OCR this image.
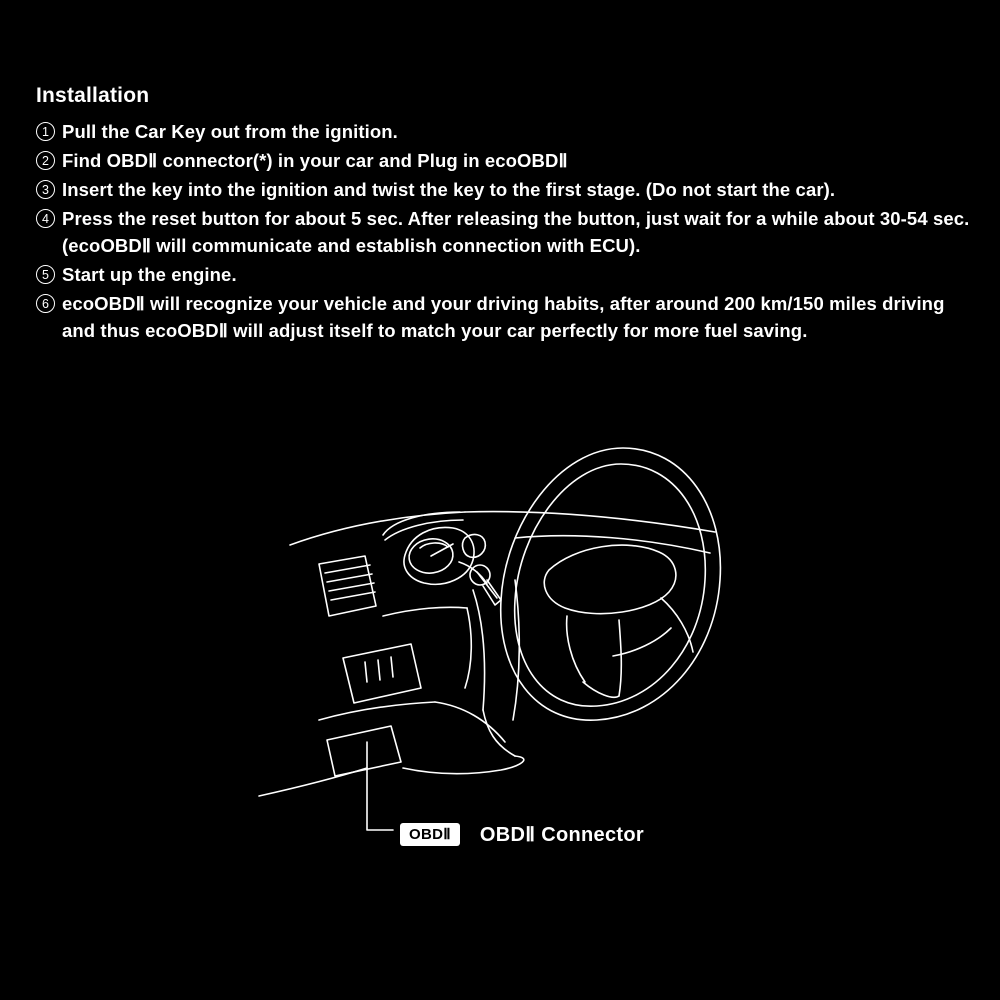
Installation
1 Pull the Car Key out from the ignition.
2 Find OBDⅡ connector(*) in your car and Plug in ecoOBDⅡ
3 Insert the key into the ignition and twist the key to the first stage. (Do not start the car).
4 Press the reset button for about 5 sec. After releasing the button, just wait for a while about 30-54 sec. (ecoOBDⅡ will communicate and establish connection with ECU).
5 Start up the engine.
6 ecoOBDⅡ will recognize your vehicle and your driving habits, after around 200 km/150 miles driving and thus ecoOBDⅡ will adjust itself to match your car perfectly for more fuel saving.
OBDⅡ	OBDⅡ Connector
